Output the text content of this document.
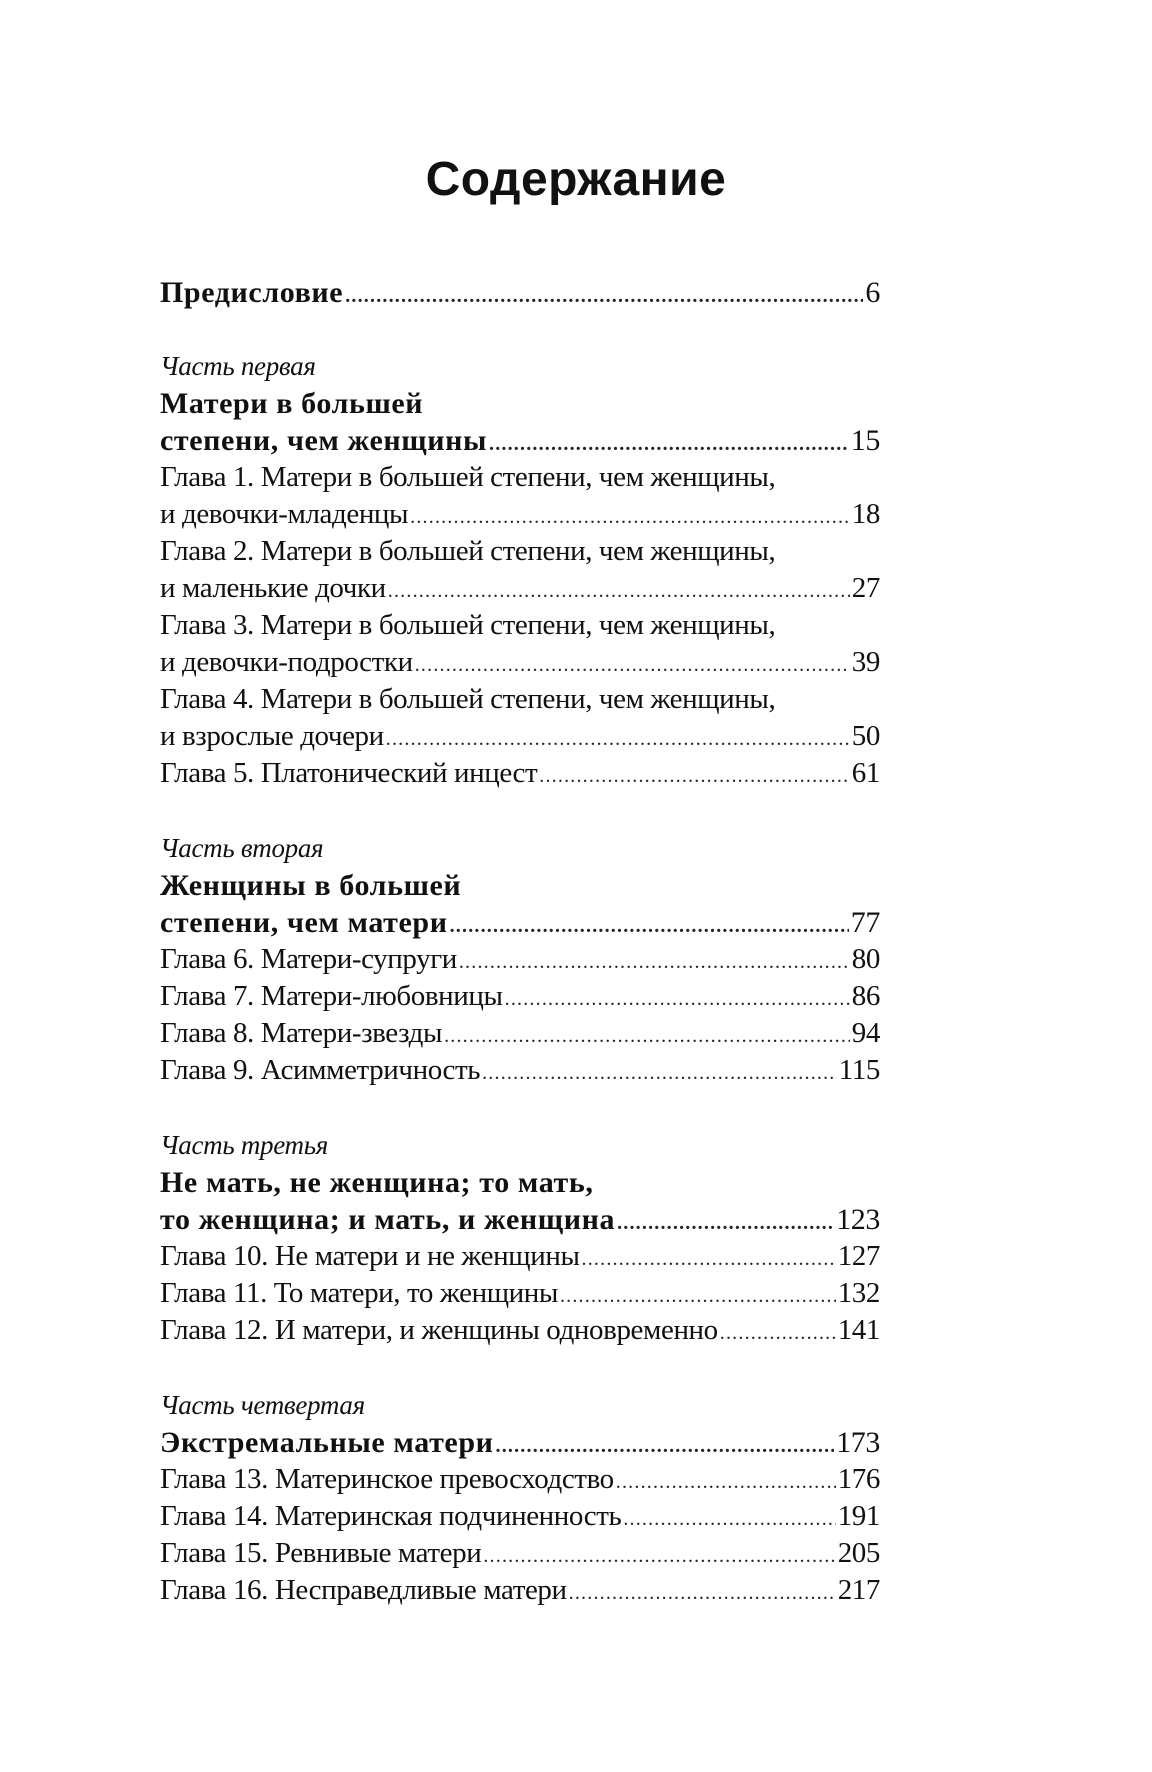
Содержание
Предисловие .....	6
Часть первая
Матери в большей
степени, чем женщины .....	15
Глава 1. Матери в большей степени, чем женщины,
и девочки-младенцы .....	18
Глава 2. Матери в большей степени, чем женщины,
и маленькие дочки .....	27
Глава 3. Матери в большей степени, чем женщины,
и девочки-подростки .....	39
Глава 4. Матери в большей степени, чем женщины,
и взрослые дочери .....	50
Глава 5. Платонический инцест .....	61
Часть вторая
Женщины в большей
степени, чем матери .....	77
Глава 6. Матери-супруги .....	80
Глава 7. Матери-любовницы .....	86
Глава 8. Матери-звезды .....	94
Глава 9. Асимметричность .....	115
Часть третья
Не мать, не женщина; то мать,
то женщина; и мать, и женщина .....	123
Глава 10. Не матери и не женщины .....	127
Глава 11. То матери, то женщины .....	132
Глава 12. И матери, и женщины одновременно .....	141
Часть четвертая
Экстремальные матери .....	173
Глава 13. Материнское превосходство .....	176
Глава 14. Материнская подчиненность .....	191
Глава 15. Ревнивые матери .....	205
Глава 16. Несправедливые матери .....	217
